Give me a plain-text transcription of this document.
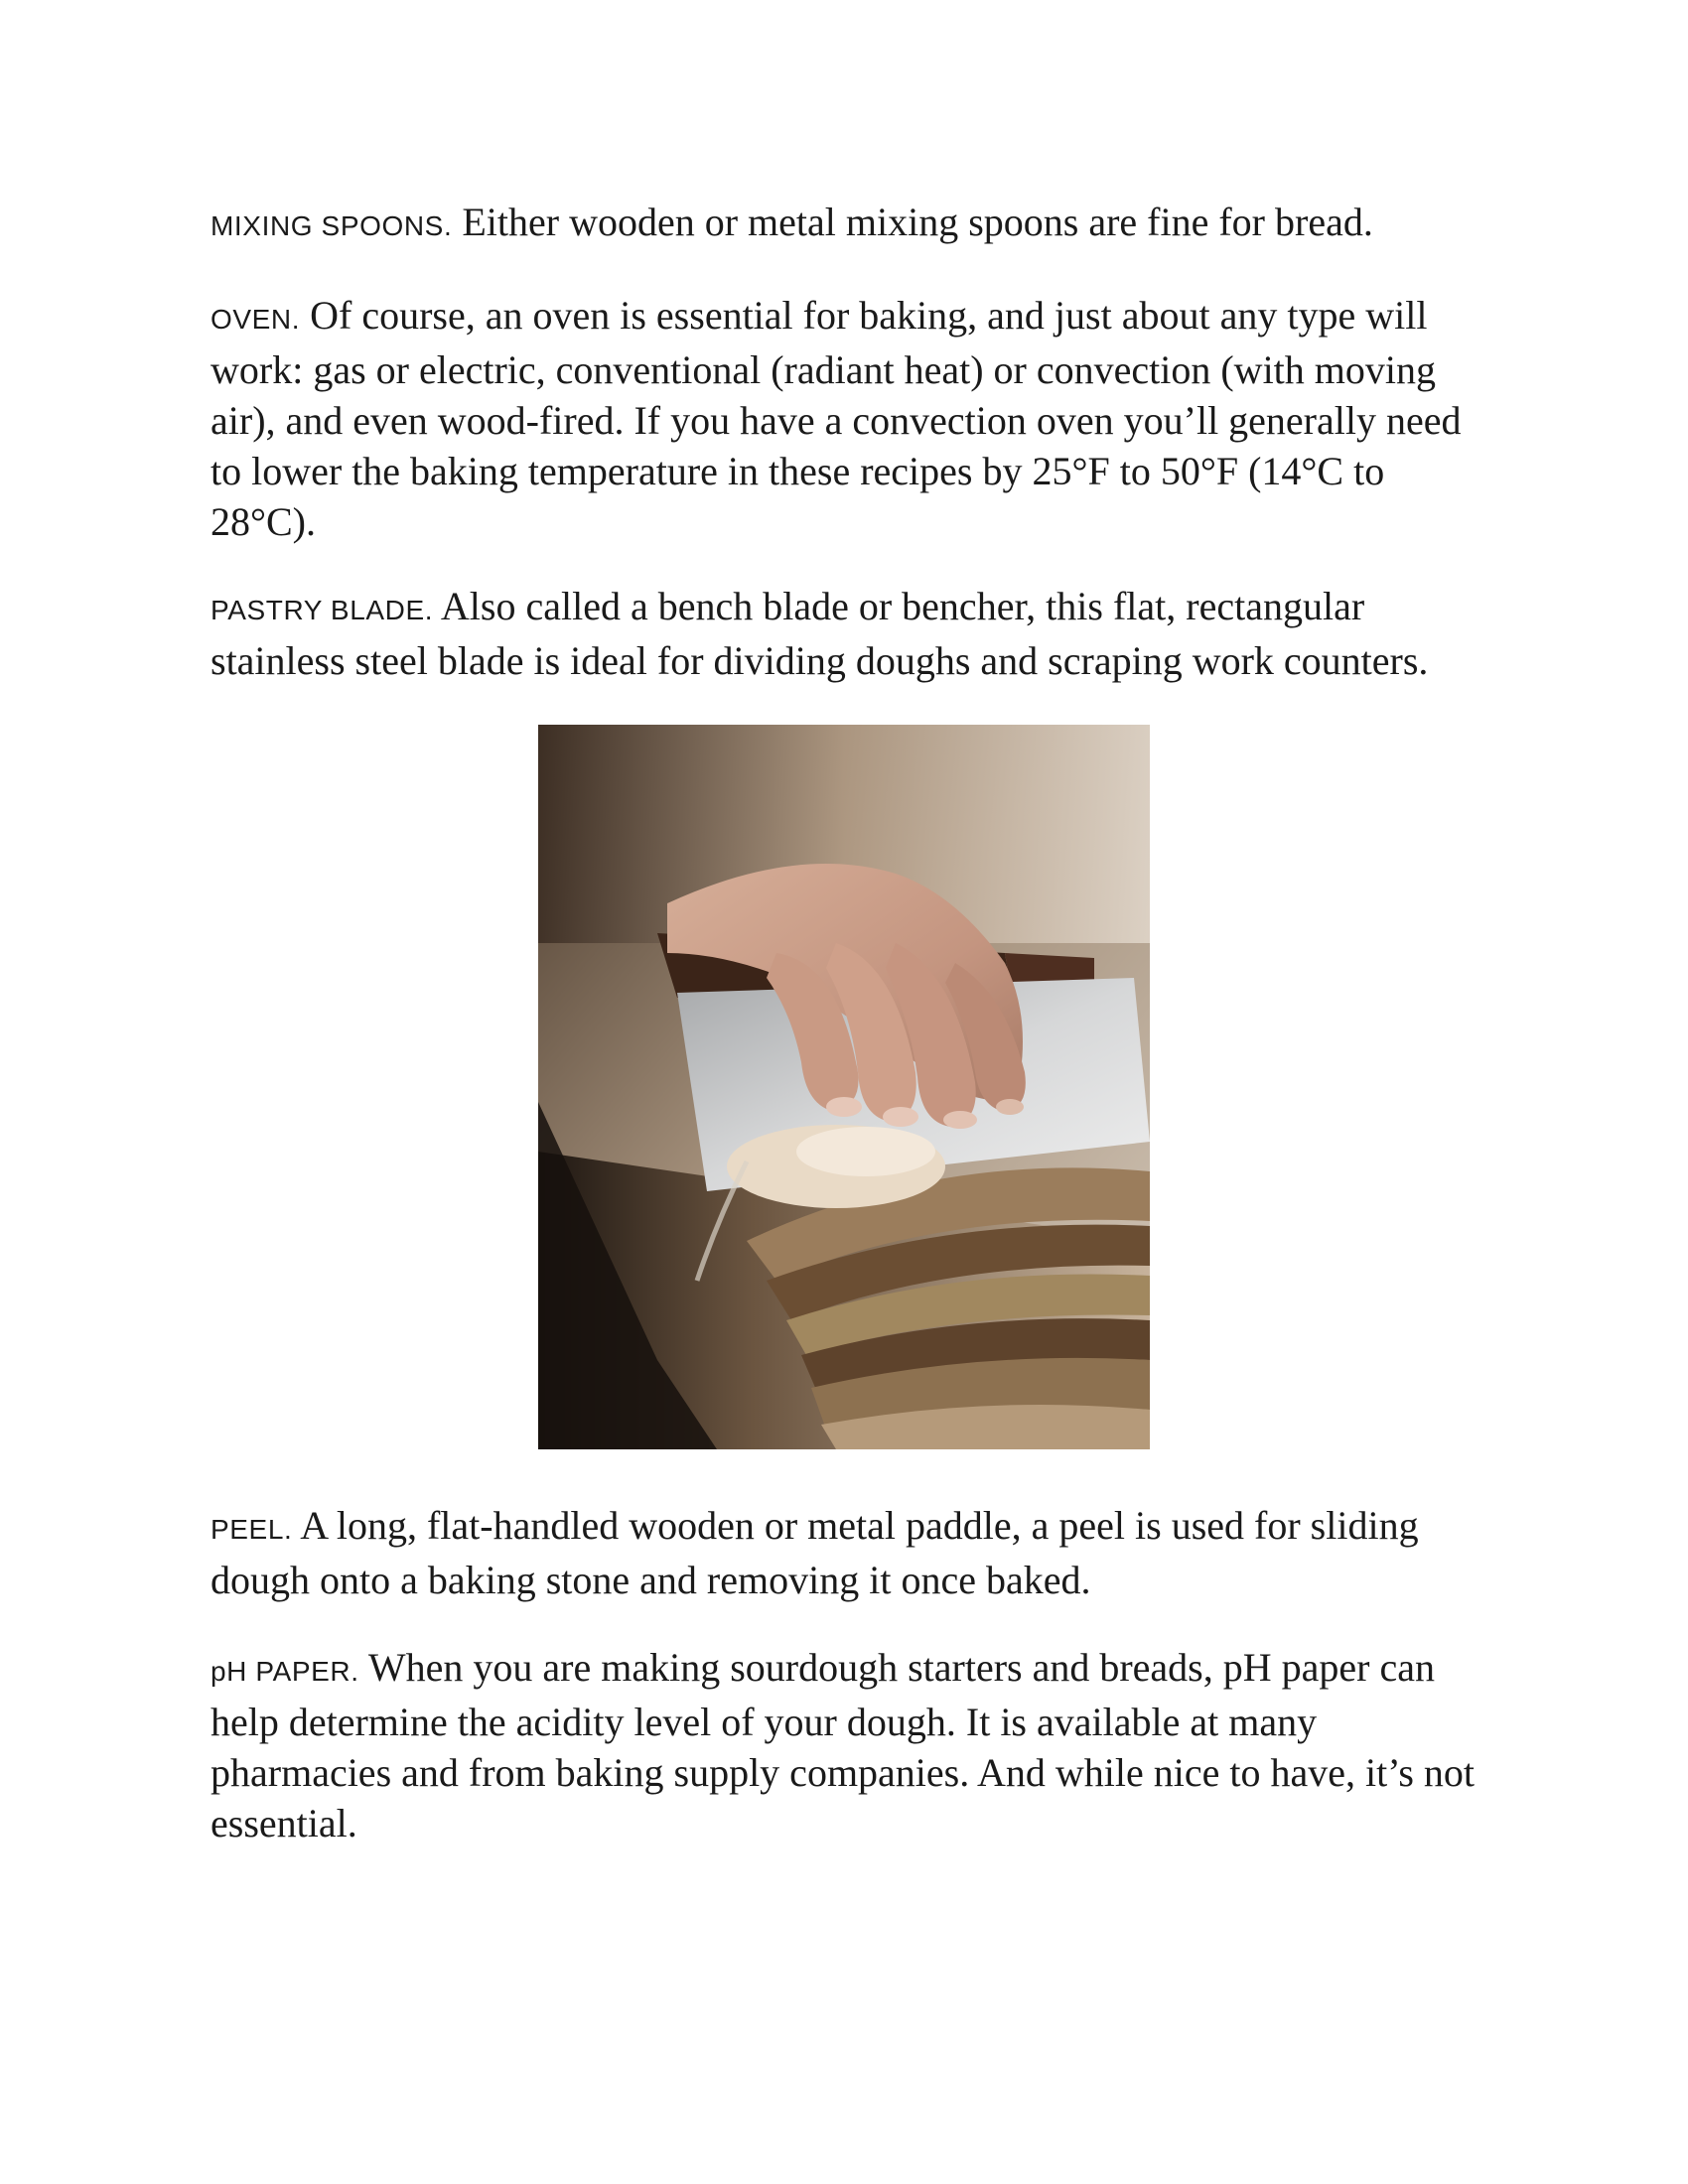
MIXING SPOONS. Either wooden or metal mixing spoons are fine for bread.

OVEN. Of course, an oven is essential for baking, and just about any type will work: gas or electric, conventional (radiant heat) or convection (with moving air), and even wood-fired. If you have a convection oven you’ll generally need to lower the baking temperature in these recipes by 25°F to 50°F (14°C to 28°C).

PASTRY BLADE. Also called a bench blade or bencher, this flat, rectangular stainless steel blade is ideal for dividing doughs and scraping work counters.

PEEL. A long, flat-handled wooden or metal paddle, a peel is used for sliding dough onto a baking stone and removing it once baked.

pH PAPER. When you are making sourdough starters and breads, pH paper can help determine the acidity level of your dough. It is available at many pharmacies and from baking supply companies. And while nice to have, it’s not essential.
